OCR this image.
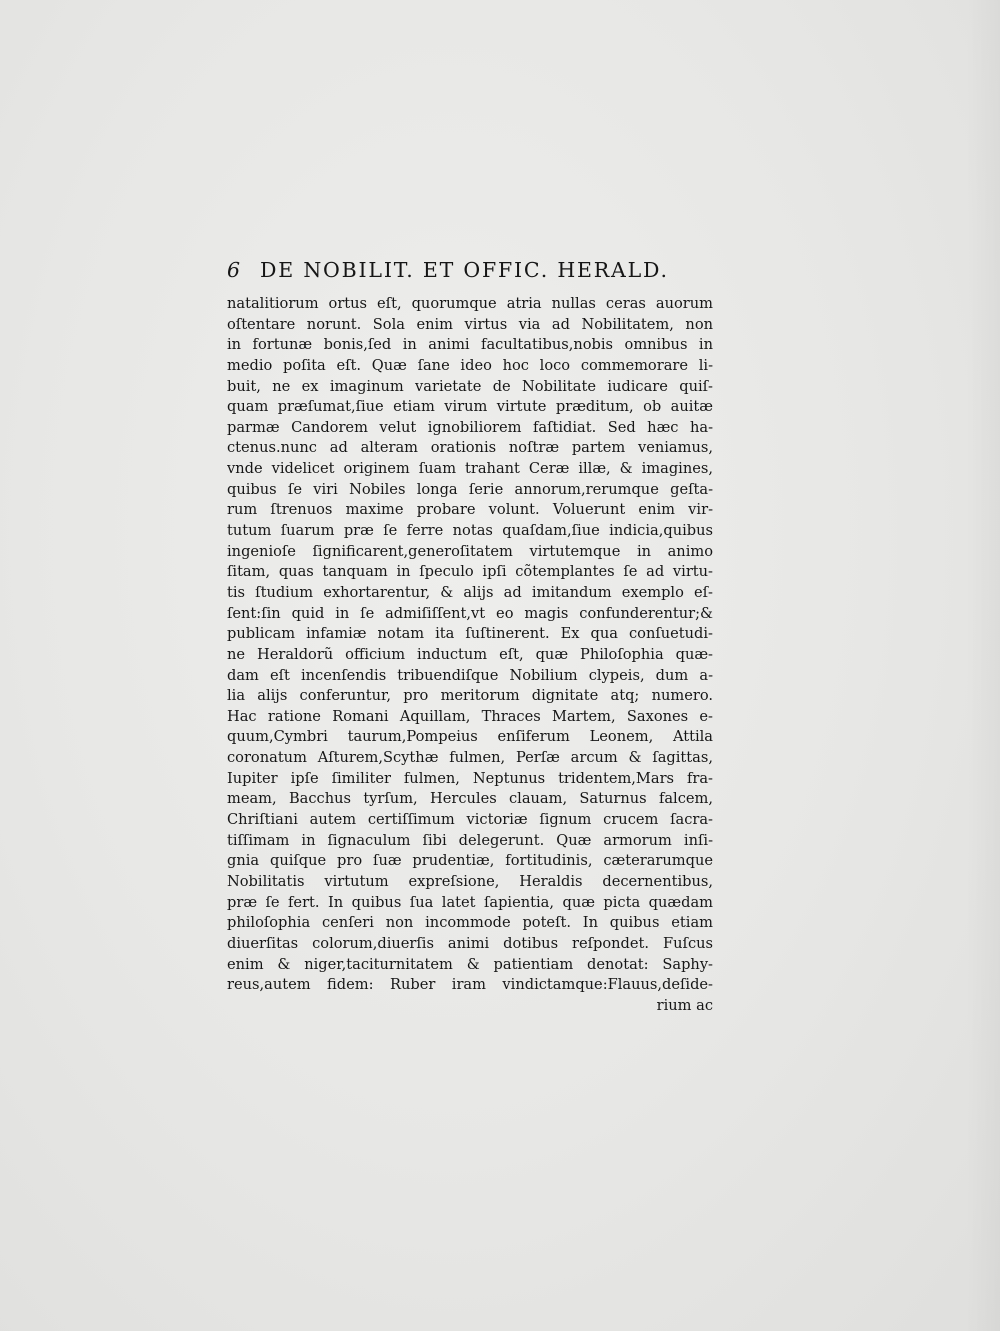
6 DE NOBILIT. ET OFFIC. HERALD.
natalitiorum ortus eſt, quorumque atria nullas ceras auorum
oſtentare norunt. Sola enim virtus via ad Nobilitatem, non
in fortunæ bonis,ſed in animi facultatibus,nobis omnibus in
medio poſita eſt. Quæ ſane ideo hoc loco commemorare li-
buit, ne ex imaginum varietate de Nobilitate iudicare quiſ-
quam præſumat,ſiue etiam virum virtute præditum, ob auitæ
parmæ Candorem velut ignobiliorem faſtidiat. Sed hæc ha-
ctenus.nunc ad alteram orationis noſtræ partem veniamus,
vnde videlicet originem ſuam trahant Ceræ illæ, & imagines,
quibus ſe viri Nobiles longa ſerie annorum,rerumque geſta-
rum ſtrenuos maxime probare volunt. Voluerunt enim vir-
tutum ſuarum præ ſe ferre notas quaſdam,ſiue indicia,quibus
ingenioſe ſignificarent,generoſitatem virtutemque in animo
ſitam, quas tanquam in ſpeculo ipſi cõtemplantes ſe ad virtu-
tis ſtudium exhortarentur, & alijs ad imitandum exemplo eſ-
ſent:ſin quid in ſe admiſiſſent,vt eo magis confunderentur;&
publicam infamiæ notam ita ſuſtinerent. Ex qua conſuetudi-
ne Heraldorũ officium inductum eſt, quæ Philoſophia quæ-
dam eſt incenſendis tribuendiſque Nobilium clypeis, dum a-
lia alijs conferuntur, pro meritorum dignitate atq; numero.
Hac ratione Romani Aquillam, Thraces Martem, Saxones e-
quum,Cymbri taurum,Pompeius enſiferum Leonem, Attila
coronatum Aſturem,Scythæ fulmen, Perſæ arcum & ſagittas,
Iupiter ipſe ſimiliter fulmen, Neptunus tridentem,Mars fra-
meam, Bacchus tyrſum, Hercules clauam, Saturnus falcem,
Chriſtiani autem certiſſimum victoriæ ſignum crucem ſacra-
tiſſimam in ſignaculum ſibi delegerunt. Quæ armorum inſi-
gnia quiſque pro ſuæ prudentiæ, fortitudinis, cæterarumque
Nobilitatis virtutum expreſsione, Heraldis decernentibus,
præ ſe fert. In quibus ſua latet ſapientia, quæ picta quædam
philoſophia cenſeri non incommode poteſt. In quibus etiam
diuerſitas colorum,diuerſis animi dotibus reſpondet. Fuſcus
enim & niger,taciturnitatem & patientiam denotat: Saphy-
reus,autem fidem: Ruber iram vindictamque:Flauus,deſide-
rium ac
